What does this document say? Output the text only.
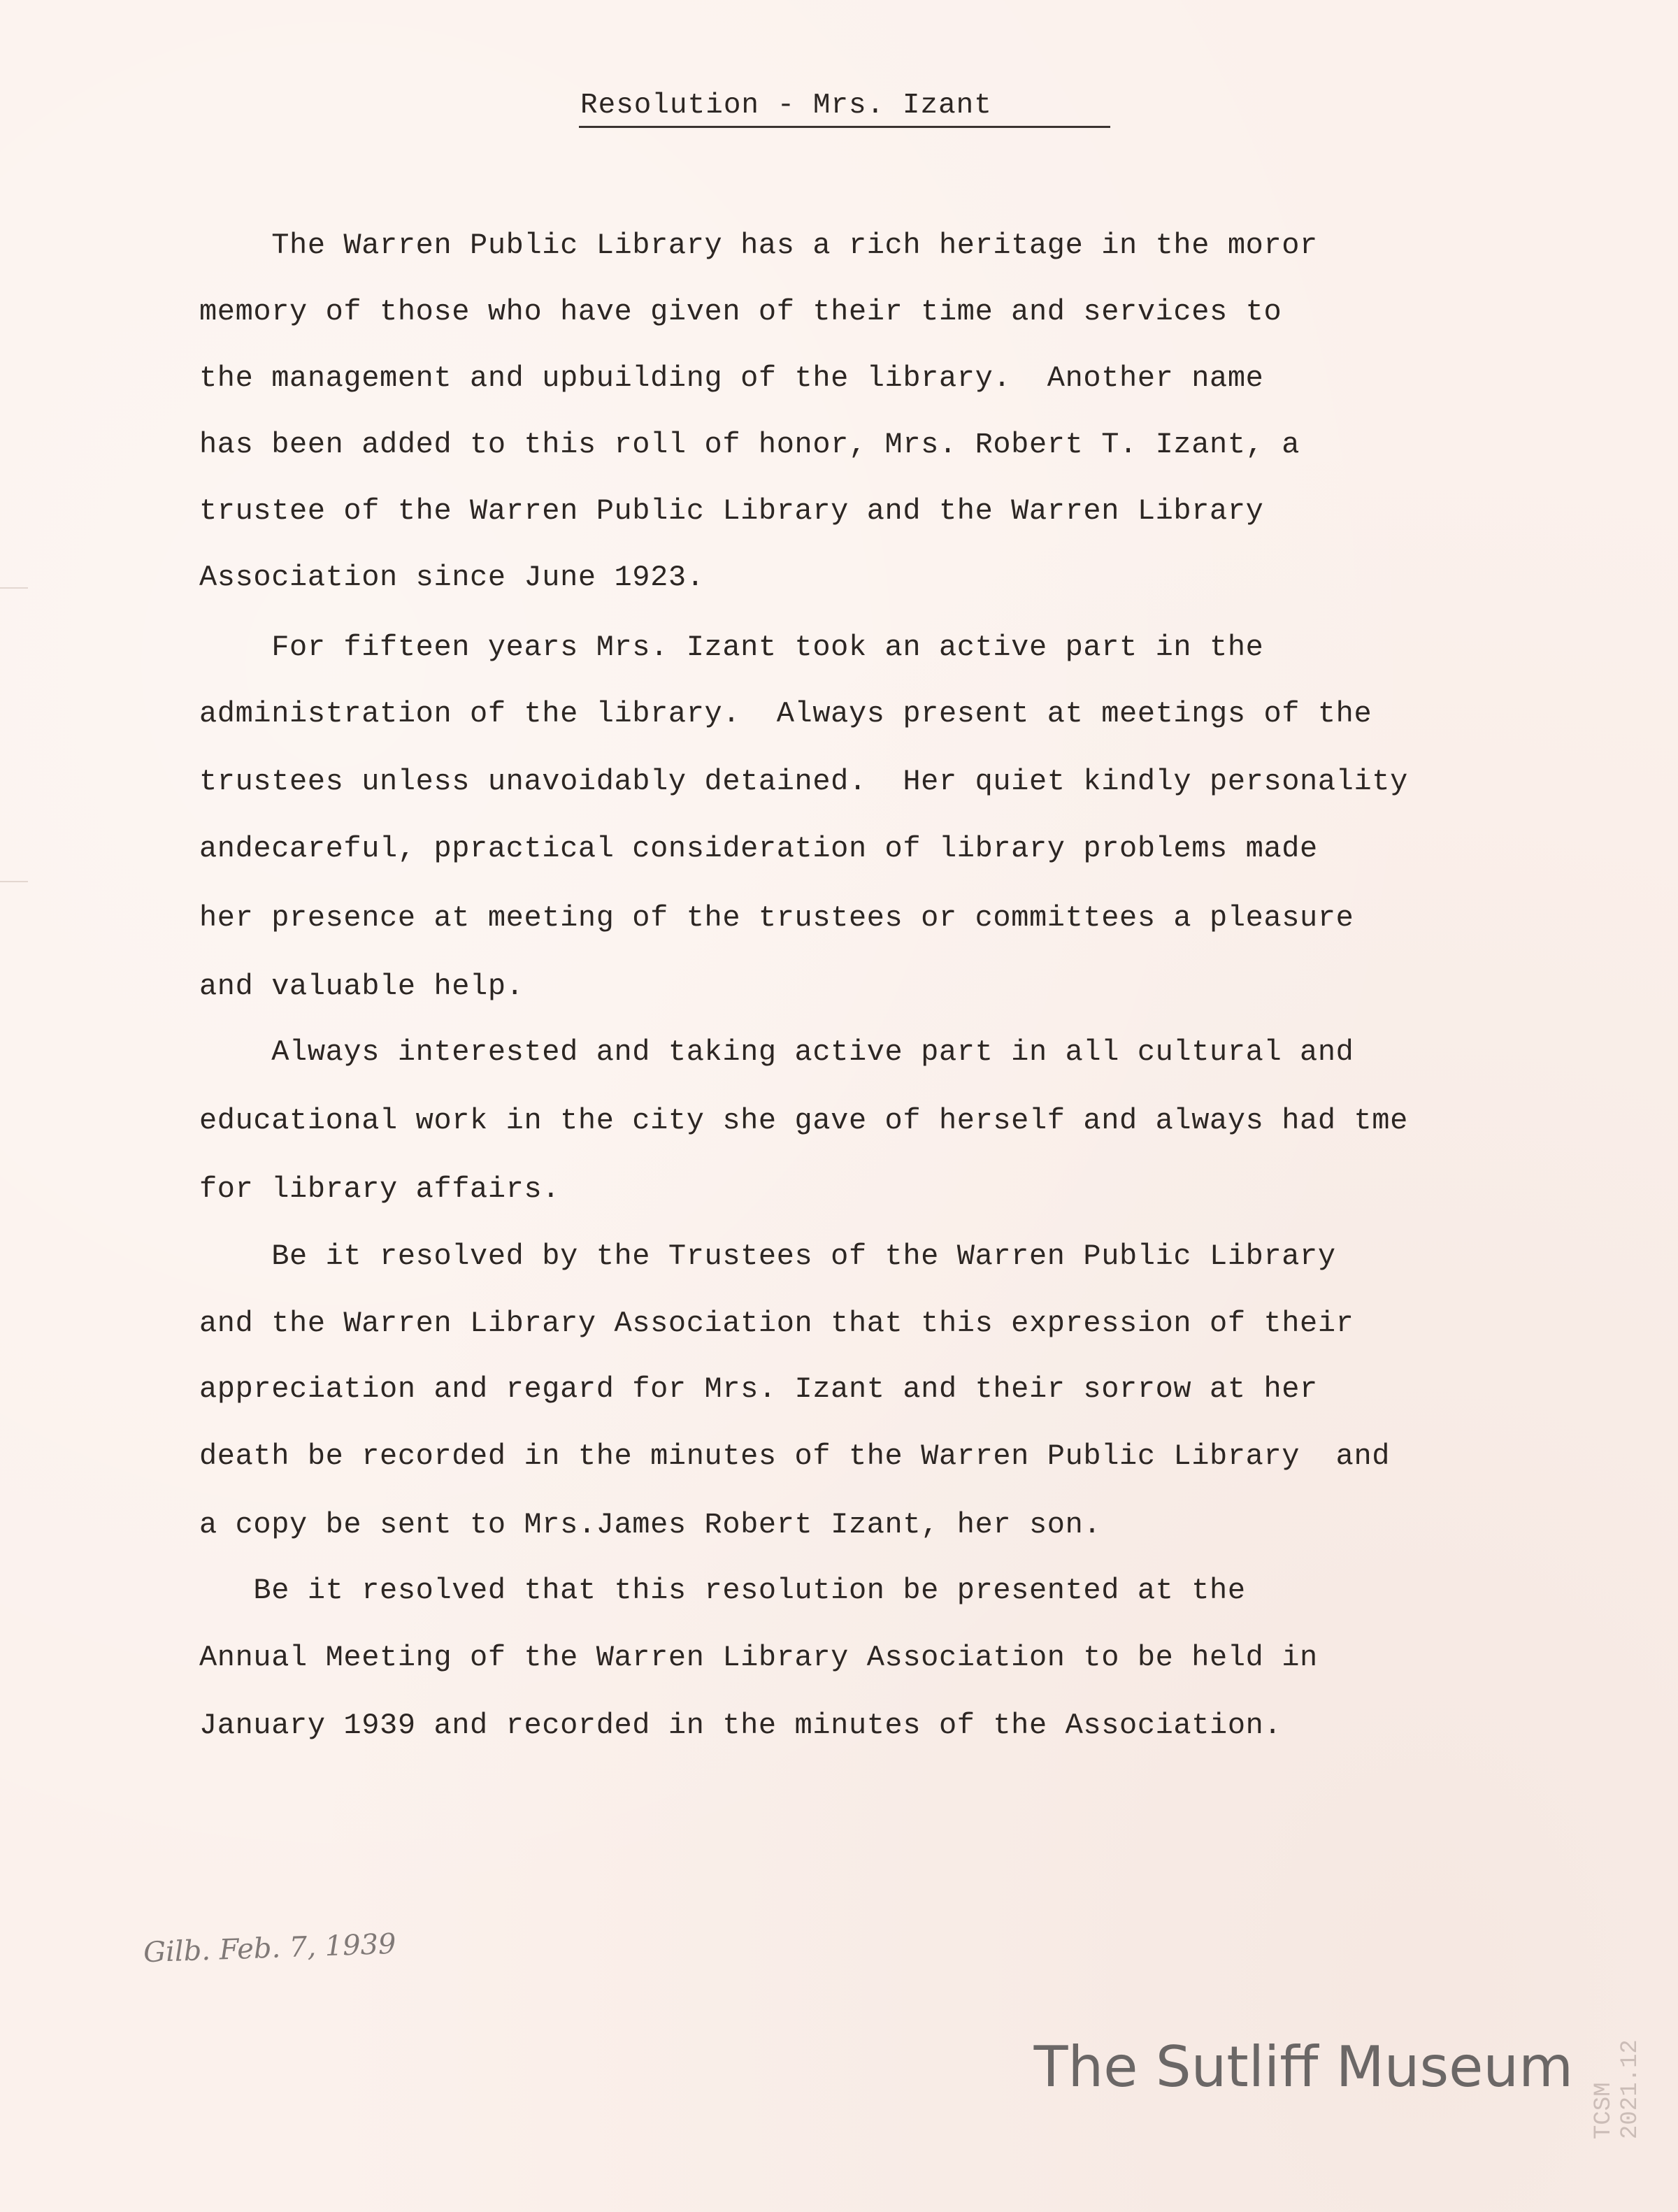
Resolution - Mrs. Izant
The Warren Public Library has a rich heritage in the moror
memory of those who have given of their time and services to
the management and upbuilding of the library.  Another name
has been added to this roll of honor, Mrs. Robert T. Izant, a
trustee of the Warren Public Library and the Warren Library
Association since June 1923.
For fifteen years Mrs. Izant took an active part in the
administration of the library.  Always present at meetings of the
trustees unless unavoidably detained.  Her quiet kindly personality
andecareful, ppractical consideration of library problems made
her presence at meeting of the trustees or committees a pleasure
and valuable help.
Always interested and taking active part in all cultural and
educational work in the city she gave of herself and always had tme
for library affairs.
Be it resolved by the Trustees of the Warren Public Library
and the Warren Library Association that this expression of their
appreciation and regard for Mrs. Izant and their sorrow at her
death be recorded in the minutes of the Warren Public Library  and
a copy be sent to Mrs.James Robert Izant, her son.
Be it resolved that this resolution be presented at the
Annual Meeting of the Warren Library Association to be held in
January 1939 and recorded in the minutes of the Association.
Gilb. Feb. 7, 1939
The Sutliff Museum
TCSM 2021.12
